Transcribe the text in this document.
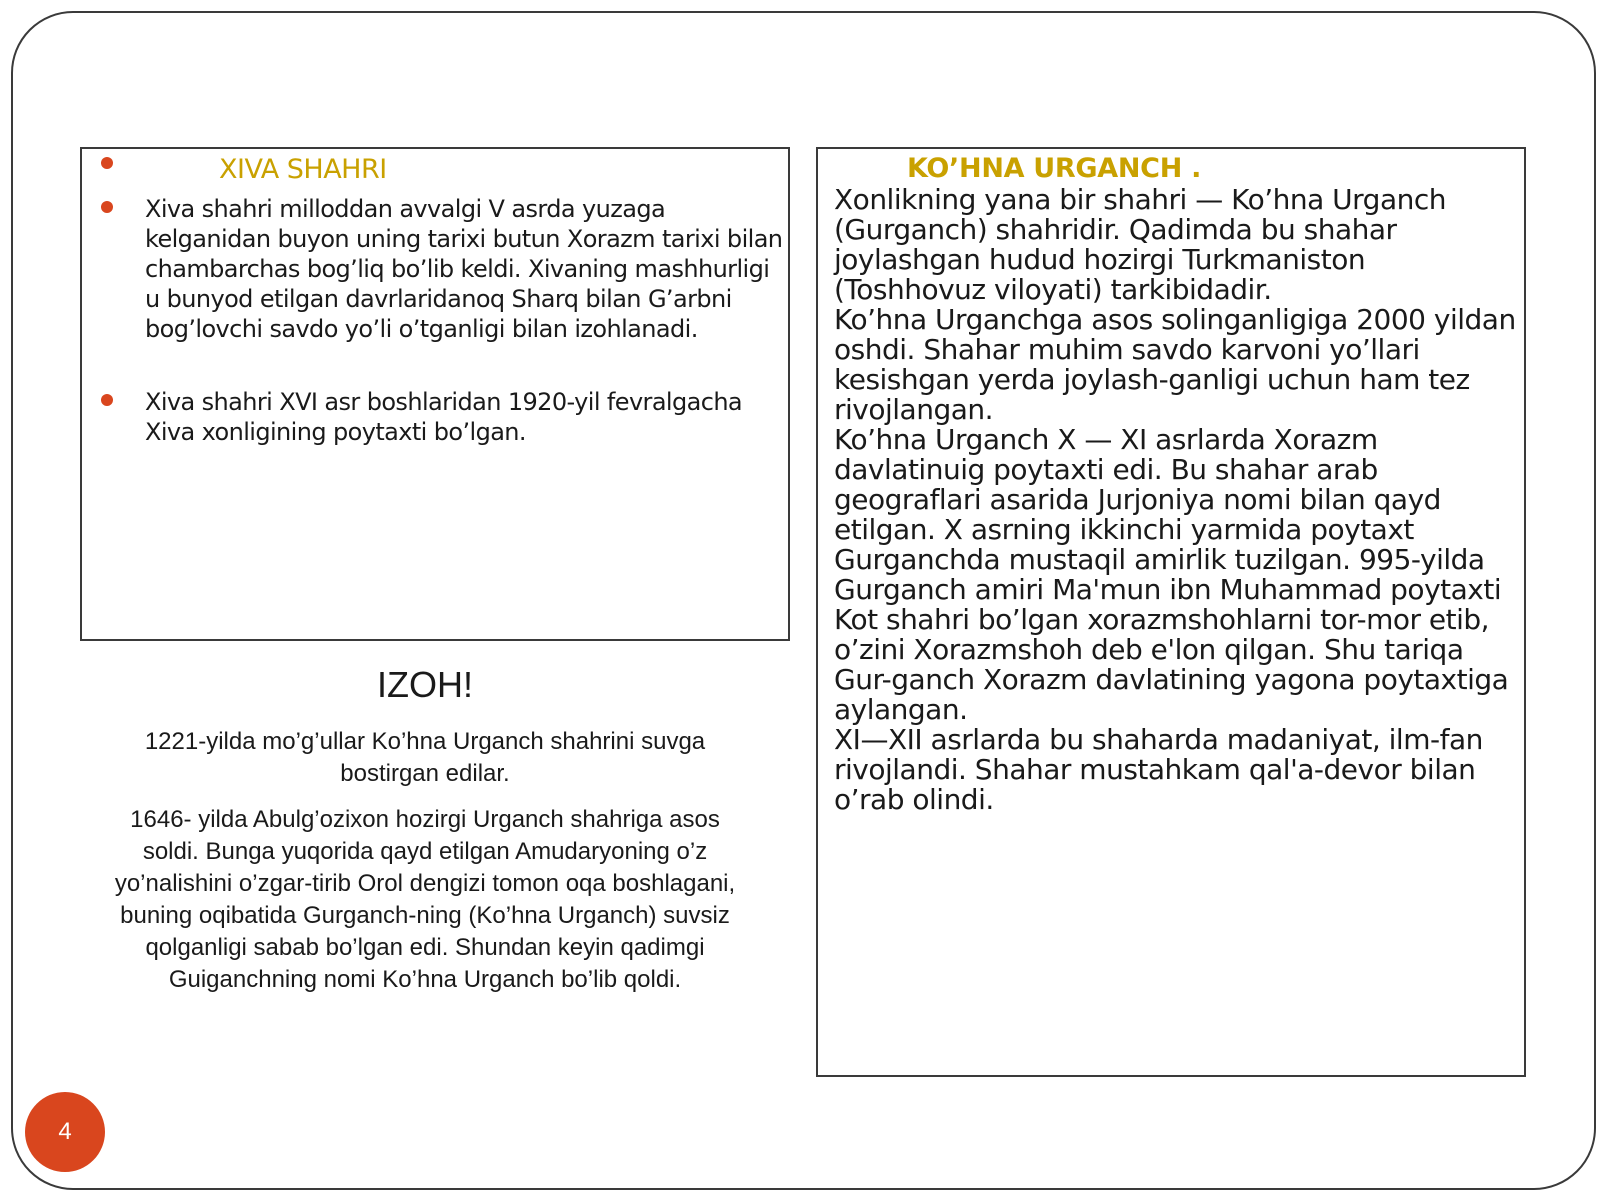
XIVA SHAHRI
Xiva shahri milloddan avvalgi V asrda yuzaga kelganidan buyon uning tarixi butun Xorazm tarixi bilan chambarchas bog’liq bo’lib keldi. Xivaning mashhurligi u bunyod etilgan davrlaridanoq Sharq bilan G’arbni bog’lovchi savdo yo’li o’tganligi bilan izohlanadi.
Xiva shahri XVI asr boshlaridan 1920-yil fevralgacha Xiva xonligining poytaxti bo’lgan.
IZOH!
1221-yilda mo’g’ullar Ko’hna Urganch shahrini suvga bostirgan edilar.
1646- yilda Abulg’ozixon hozirgi Urganch shahriga asos soldi. Bunga yuqorida qayd etilgan Amudaryoning o’z yo’nalishini o’zgar-tirib Orol dengizi tomon oqa boshlagani, buning oqibatida Gurganch-ning (Ko’hna Urganch) suvsiz qolganligi sabab bo’lgan edi. Shundan keyin qadimgi Guiganchning nomi Ko’hna Urganch bo’lib qoldi.
KO’HNA URGANCH .

Xonlikning yana bir shahri — Ko’hna Urganch (Gurganch) shahridir. Qadimda bu shahar joylashgan hudud hozirgi Turkmaniston (Toshhovuz viloyati) tarkibidadir.

Ko’hna Urganchga asos solinganligiga 2000 yildan oshdi. Shahar muhim savdo karvoni yo’llari kesishgan yerda joylash-ganligi uchun ham tez rivojlangan.

Ko’hna Urganch X — XI asrlarda Xorazm davlatinuig poytaxti edi. Bu shahar arab geograflari asarida Jurjoniya nomi bilan qayd etilgan. X asrning ikkinchi yarmida poytaxt Gurganchda mustaqil amirlik tuzilgan. 995-yilda Gurganch amiri Ma'mun ibn Muhammad poytaxti Kot shahri bo’lgan xorazmshohlarni tor-mor etib, o’zini Xorazmshoh deb e'lon qilgan. Shu tariqa Gur-ganch Xorazm davlatining yagona poytaxtiga aylangan.

XI—XII asrlarda bu shaharda madaniyat, ilm-fan rivojlandi. Shahar mustahkam qal'a-devor bilan o’rab olindi.

4
